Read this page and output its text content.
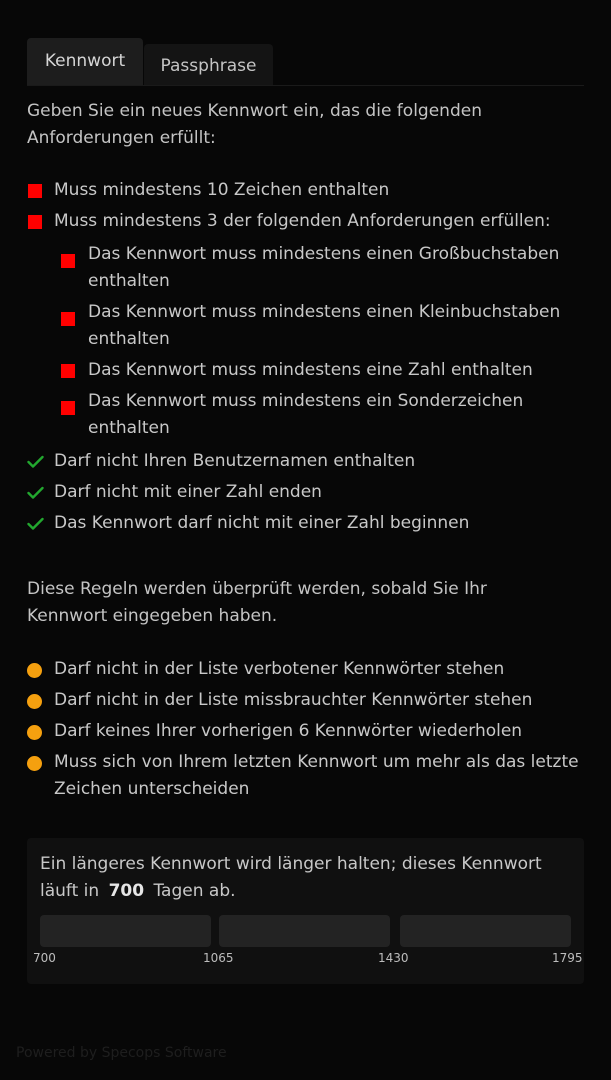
Kennwort	Passphrase
Geben Sie ein neues Kennwort ein, das die folgenden Anforderungen erfüllt:
Muss mindestens 10 Zeichen enthalten
Muss mindestens 3 der folgenden Anforderungen erfüllen:
Das Kennwort muss mindestens einen Großbuchstaben enthalten
Das Kennwort muss mindestens einen Kleinbuchstaben enthalten
Das Kennwort muss mindestens eine Zahl enthalten
Das Kennwort muss mindestens ein Sonderzeichen enthalten
Darf nicht Ihren Benutzernamen enthalten
Darf nicht mit einer Zahl enden
Das Kennwort darf nicht mit einer Zahl beginnen
Diese Regeln werden überprüft werden, sobald Sie Ihr Kennwort eingegeben haben.
Darf nicht in der Liste verbotener Kennwörter stehen
Darf nicht in der Liste missbrauchter Kennwörter stehen
Darf keines Ihrer vorherigen 6 Kennwörter wiederholen
Muss sich von Ihrem letzten Kennwort um mehr als das letzte Zeichen unterscheiden
Ein längeres Kennwort wird länger halten; dieses Kennwort läuft in 700 Tagen ab.
700	1065	1430	1795
Powered by Specops Software
